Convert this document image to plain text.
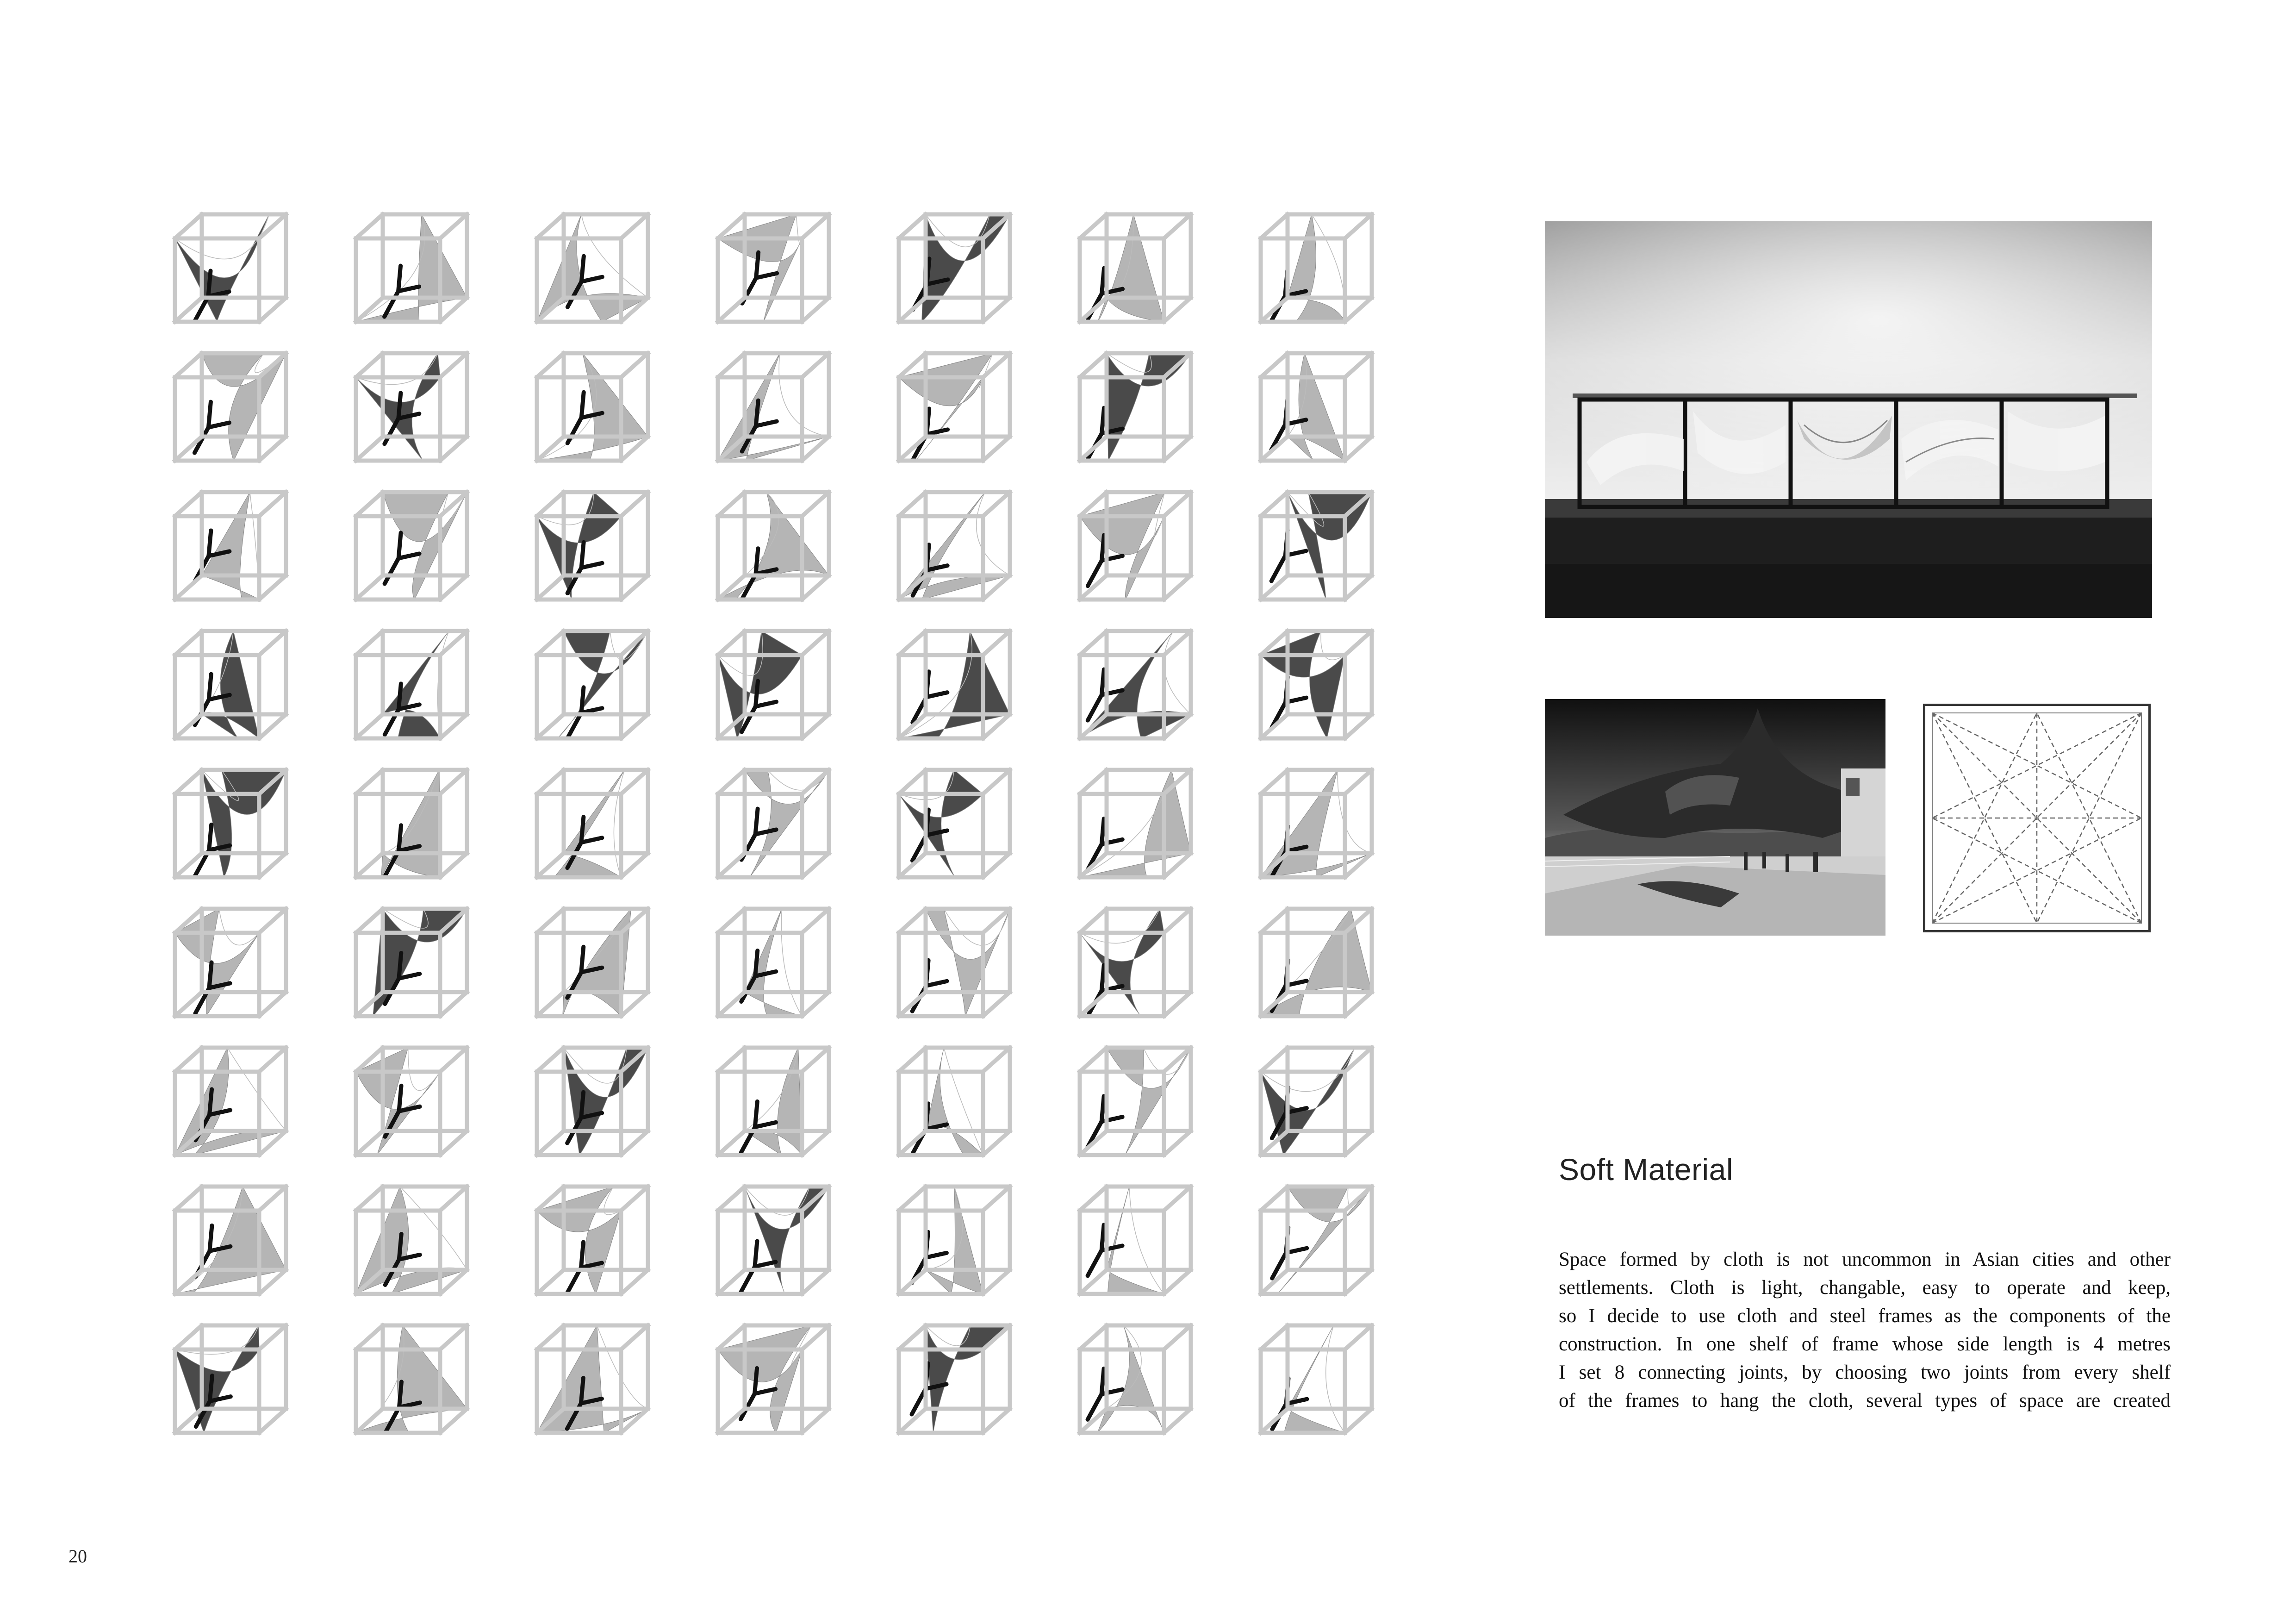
Soft Material
Space formed by cloth is not uncommon in Asian cities and other
settlements. Cloth is light, changable, easy to operate and keep,
so I decide to use cloth and steel frames as the components of the
construction. In one shelf of frame whose side length is 4 metres
I set 8 connecting joints, by choosing two joints from every shelf
of the frames to hang the cloth, several types of space are created
20
